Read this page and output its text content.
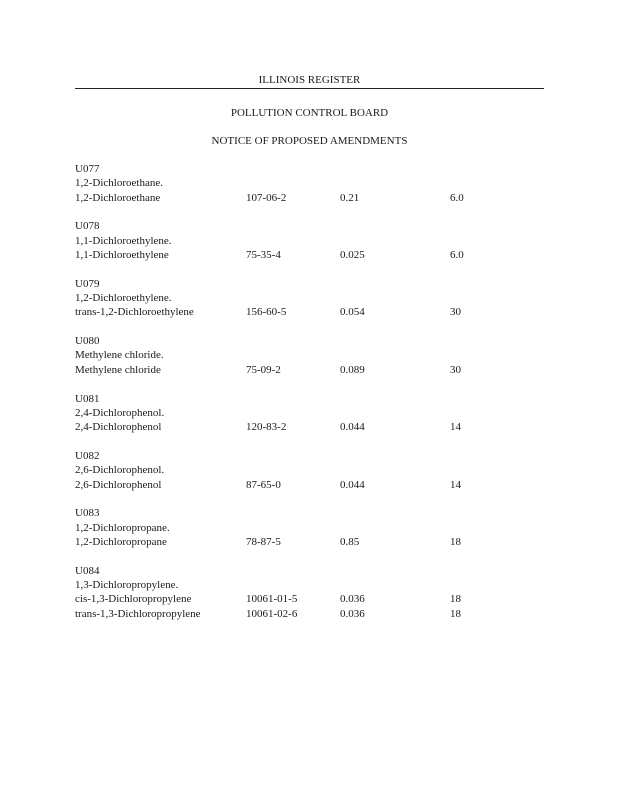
ILLINOIS REGISTER
POLLUTION CONTROL BOARD
NOTICE OF PROPOSED AMENDMENTS
U077
1,2-Dichloroethane.
1,2-Dichloroethane	107-06-2	0.21	6.0
U078
1,1-Dichloroethylene.
1,1-Dichloroethylene	75-35-4	0.025	6.0
U079
1,2-Dichloroethylene.
trans-1,2-Dichloroethylene	156-60-5	0.054	30
U080
Methylene chloride.
Methylene chloride	75-09-2	0.089	30
U081
2,4-Dichlorophenol.
2,4-Dichlorophenol	120-83-2	0.044	14
U082
2,6-Dichlorophenol.
2,6-Dichlorophenol	87-65-0	0.044	14
U083
1,2-Dichloropropane.
1,2-Dichloropropane	78-87-5	0.85	18
U084
1,3-Dichloropropylene.
cis-1,3-Dichloropropylene	10061-01-5	0.036	18
trans-1,3-Dichloropropylene	10061-02-6	0.036	18
